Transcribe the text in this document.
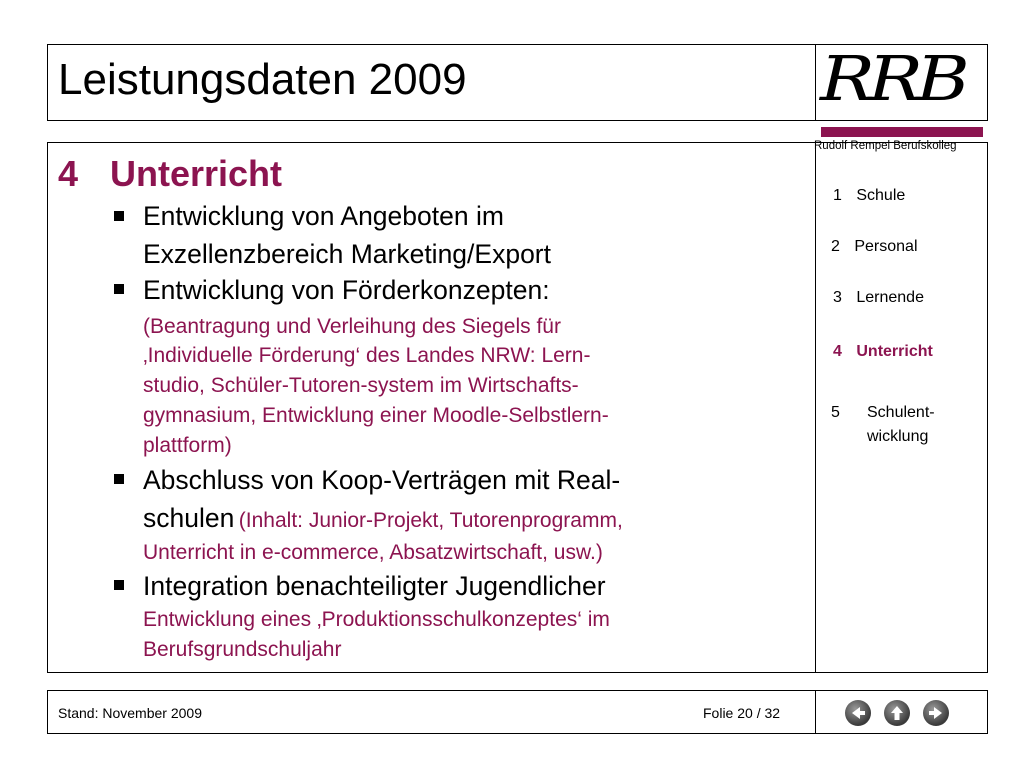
Leistungsdaten 2009	RRB
Rudolf Rempel Berufskolleg
4 Unterricht
Entwicklung von Angeboten im
Exzellenzbereich Marketing/Export
Entwicklung von Förderkonzepten:
(Beantragung und Verleihung des Siegels für
‚Individuelle Förderung‘ des Landes NRW: Lern-
studio, Schüler-Tutoren-system im Wirtschafts-
gymnasium, Entwicklung einer Moodle-Selbstlern-
plattform)
Abschluss von Koop-Verträgen mit Real-
schulen (Inhalt: Junior-Projekt, Tutorenprogramm,
Unterricht in e-commerce, Absatzwirtschaft, usw.)
Integration benachteiligter Jugendlicher
Entwicklung eines ‚Produktionsschulkonzeptes‘ im
Berufsgrundschuljahr
1 Schule
2 Personal
3 Lernende
4 Unterricht
5 Schulent-
wicklung
Stand: November 2009	Folie 20 / 32
